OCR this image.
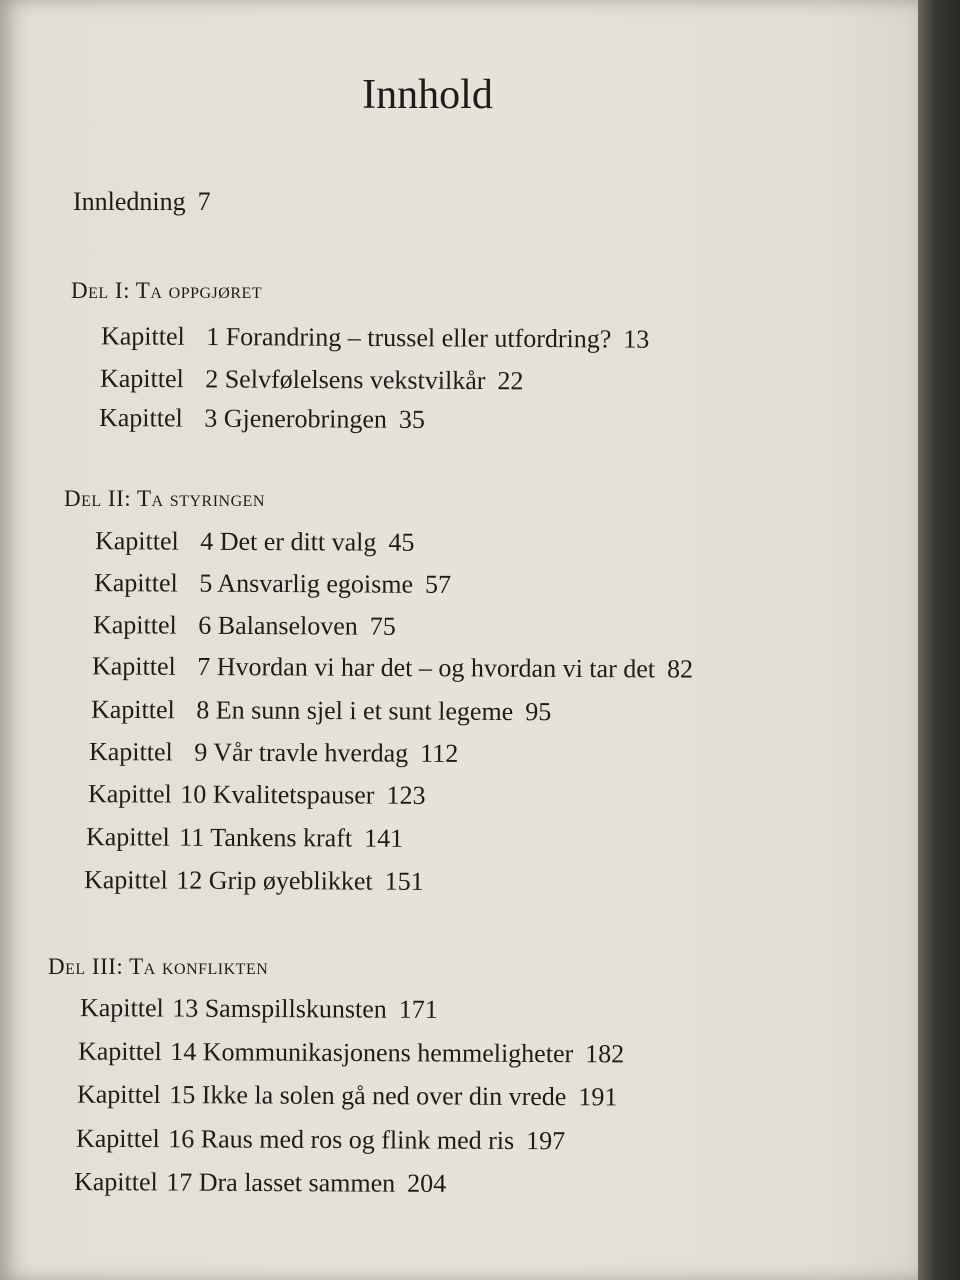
Innhold
Innledning 7
Del I: Ta oppgjøret
Kapittel 1 Forandring – trussel eller utfordring? 13
Kapittel 2 Selvfølelsens vekstvilkår 22
Kapittel 3 Gjenerobringen 35
Del II: Ta styringen
Kapittel 4 Det er ditt valg 45
Kapittel 5 Ansvarlig egoisme 57
Kapittel 6 Balanseloven 75
Kapittel 7 Hvordan vi har det – og hvordan vi tar det 82
Kapittel 8 En sunn sjel i et sunt legeme 95
Kapittel 9 Vår travle hverdag 112
Kapittel 10 Kvalitetspauser 123
Kapittel 11 Tankens kraft 141
Kapittel 12 Grip øyeblikket 151
Del III: Ta konflikten
Kapittel 13 Samspillskunsten 171
Kapittel 14 Kommunikasjonens hemmeligheter 182
Kapittel 15 Ikke la solen gå ned over din vrede 191
Kapittel 16 Raus med ros og flink med ris 197
Kapittel 17 Dra lasset sammen 204
